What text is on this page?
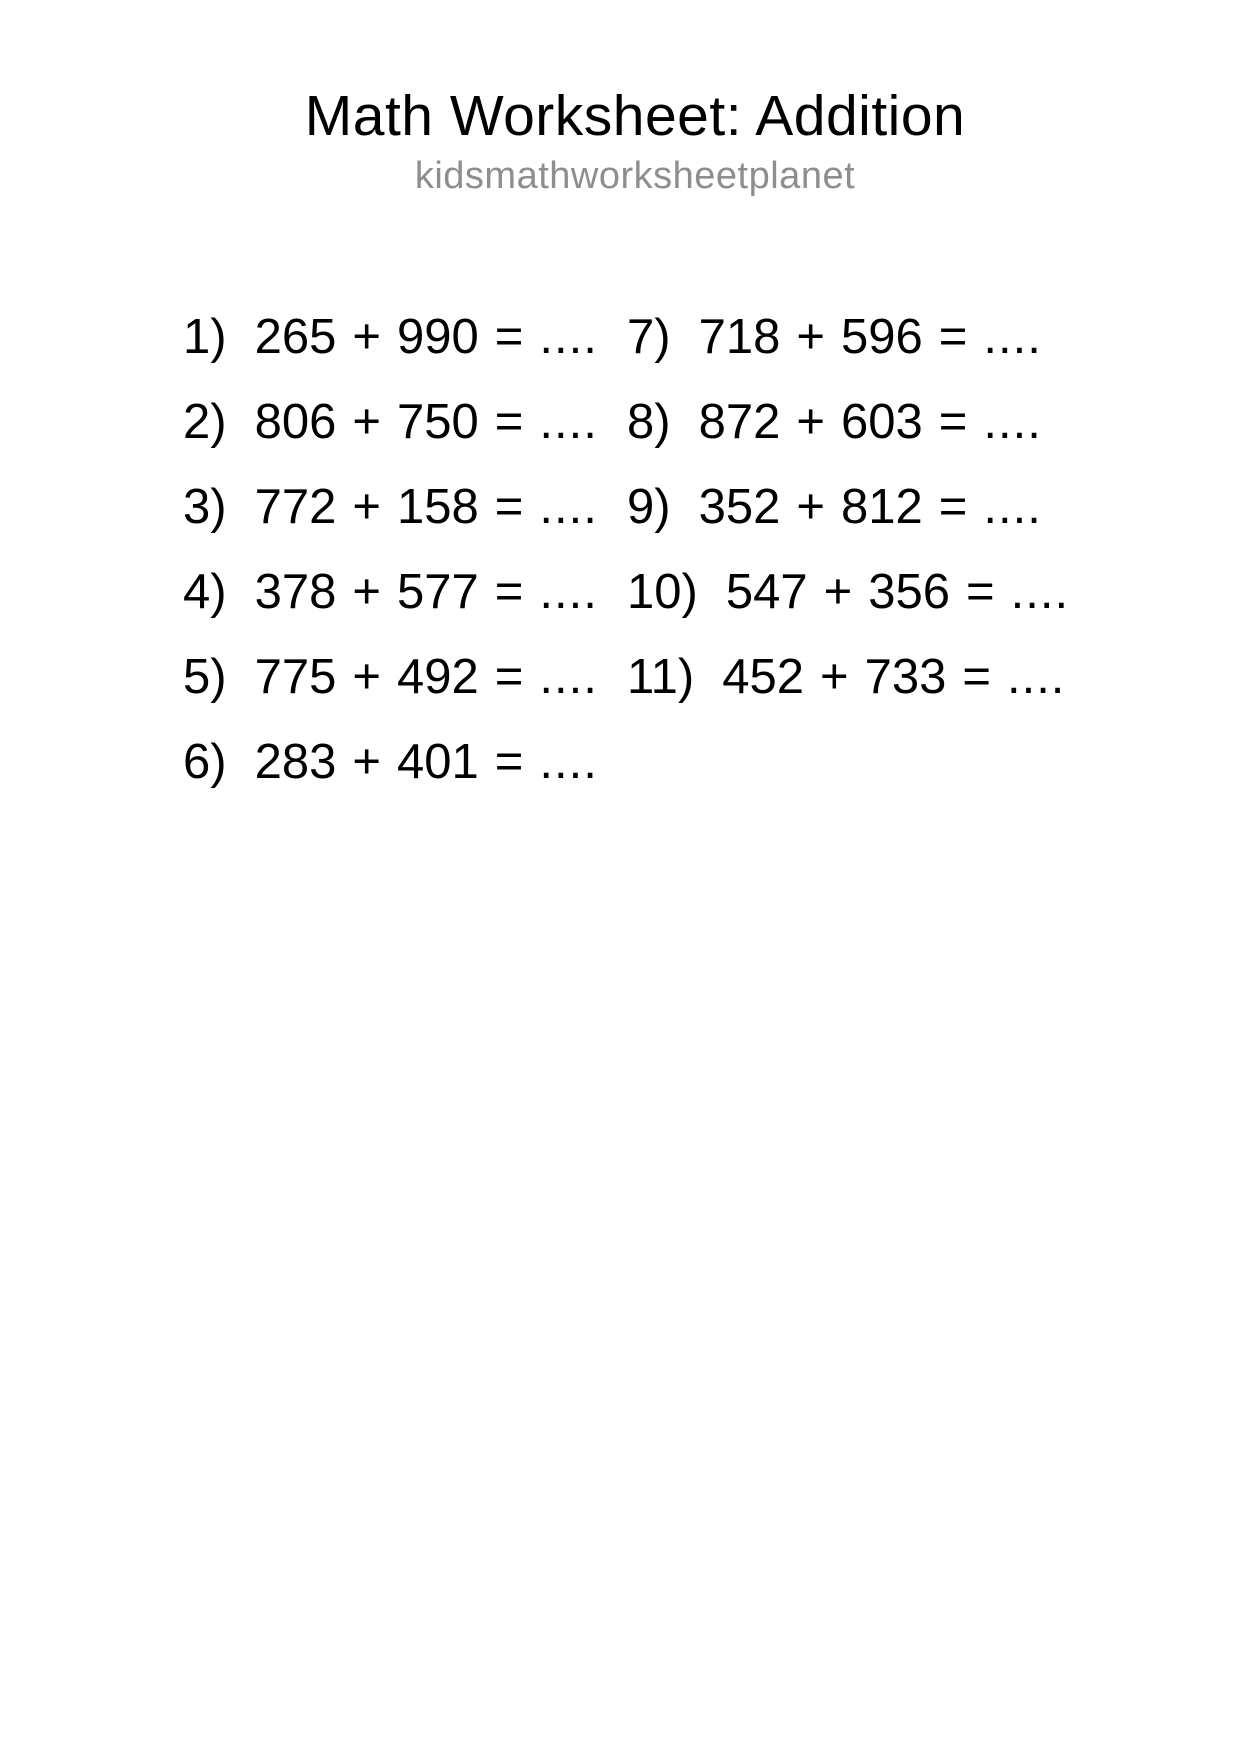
Math Worksheet: Addition
kidsmathworksheetplanet
1) 265 + 990 = ....
2) 806 + 750 = ....
3) 772 + 158 = ....
4) 378 + 577 = ....
5) 775 + 492 = ....
6) 283 + 401 = ....
7) 718 + 596 = ....
8) 872 + 603 = ....
9) 352 + 812 = ....
10) 547 + 356 = ....
11) 452 + 733 = ....
